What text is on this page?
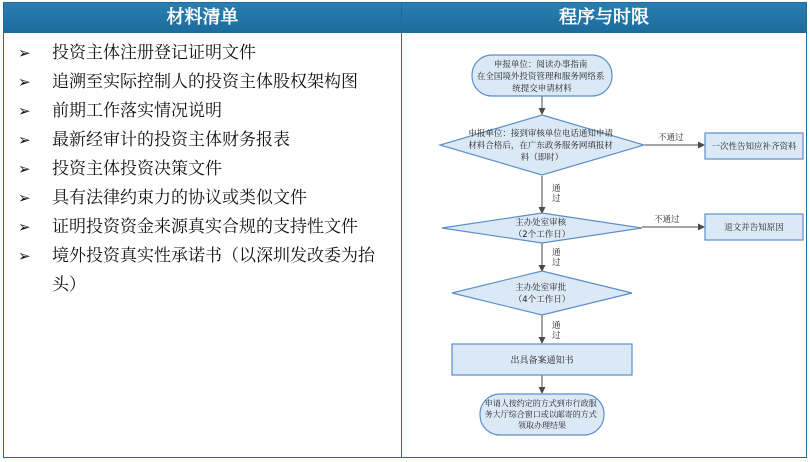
材料清单
➢ 投资主体注册登记证明文件
➢ 追溯至实际控制人的投资主体股权架构图
➢ 前期工作落实情况说明
➢ 最新经审计的投资主体财务报表
➢ 投资主体投资决策文件
➢ 具有法律约束力的协议或类似文件
➢ 证明投资资金来源真实合规的支持性文件
➢ 境外投资真实性承诺书（以深圳发改委为抬头）
程序与时限
申报单位：阅读办事指南 在全国境外投资管理和服务网络系 统提交申请材料
申报单位：接到审核单位电话通知申请 材料合格后，在广东政务服务网填报材 料（即时）
一次性告知应补齐资料
主办处室审核 （2个工作日）
退文并告知原因
主办处室审批 （4个工作日）
出具备案通知书
申请人按约定的方式到市行政服 务大厅综合窗口或以邮寄的方式 领取办理结果
不通过
不通过
通过
通过
通过
